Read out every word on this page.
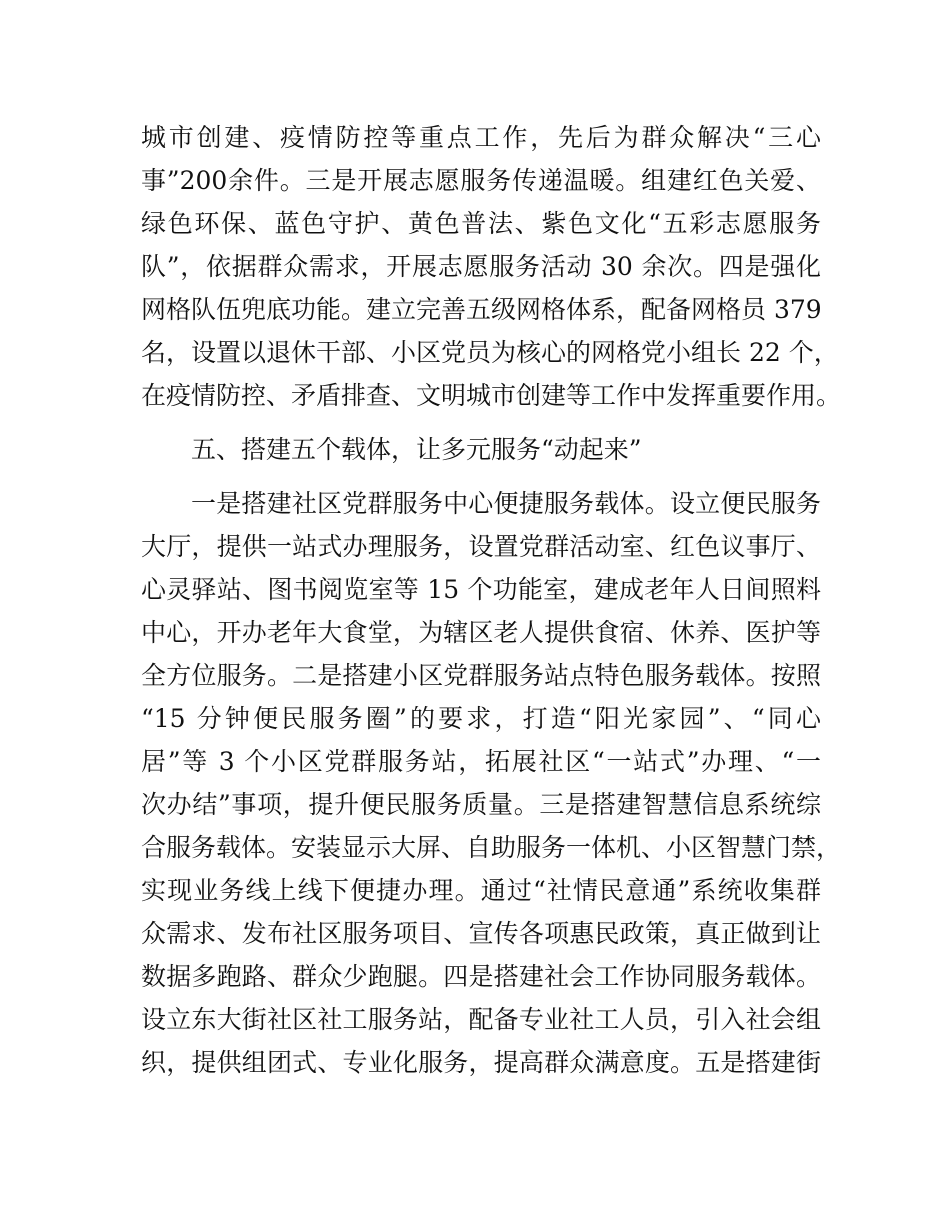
城市创建、疫情防控等重点工作，先后为群众解决“三心
事”200余件。三是开展志愿服务传递温暖。组建红色关爱、
绿色环保、蓝色守护、黄色普法、紫色文化“五彩志愿服务
队”，依据群众需求，开展志愿服务活动 30 余次。四是强化
网格队伍兜底功能。建立完善五级网格体系，配备网格员 379
名，设置以退休干部、小区党员为核心的网格党小组长 22 个，
在疫情防控、矛盾排查、文明城市创建等工作中发挥重要作用。
五、搭建五个载体，让多元服务“动起来”
一是搭建社区党群服务中心便捷服务载体。设立便民服务
大厅，提供一站式办理服务，设置党群活动室、红色议事厅、
心灵驿站、图书阅览室等 15 个功能室，建成老年人日间照料
中心，开办老年大食堂，为辖区老人提供食宿、休养、医护等
全方位服务。二是搭建小区党群服务站点特色服务载体。按照
“15 分钟便民服务圈”的要求，打造“阳光家园”、“同心
居”等 3 个小区党群服务站，拓展社区“一站式”办理、“一
次办结”事项，提升便民服务质量。三是搭建智慧信息系统综
合服务载体。安装显示大屏、自助服务一体机、小区智慧门禁，
实现业务线上线下便捷办理。通过“社情民意通”系统收集群
众需求、发布社区服务项目、宣传各项惠民政策，真正做到让
数据多跑路、群众少跑腿。四是搭建社会工作协同服务载体。
设立东大街社区社工服务站，配备专业社工人员，引入社会组
织，提供组团式、专业化服务，提高群众满意度。五是搭建街
